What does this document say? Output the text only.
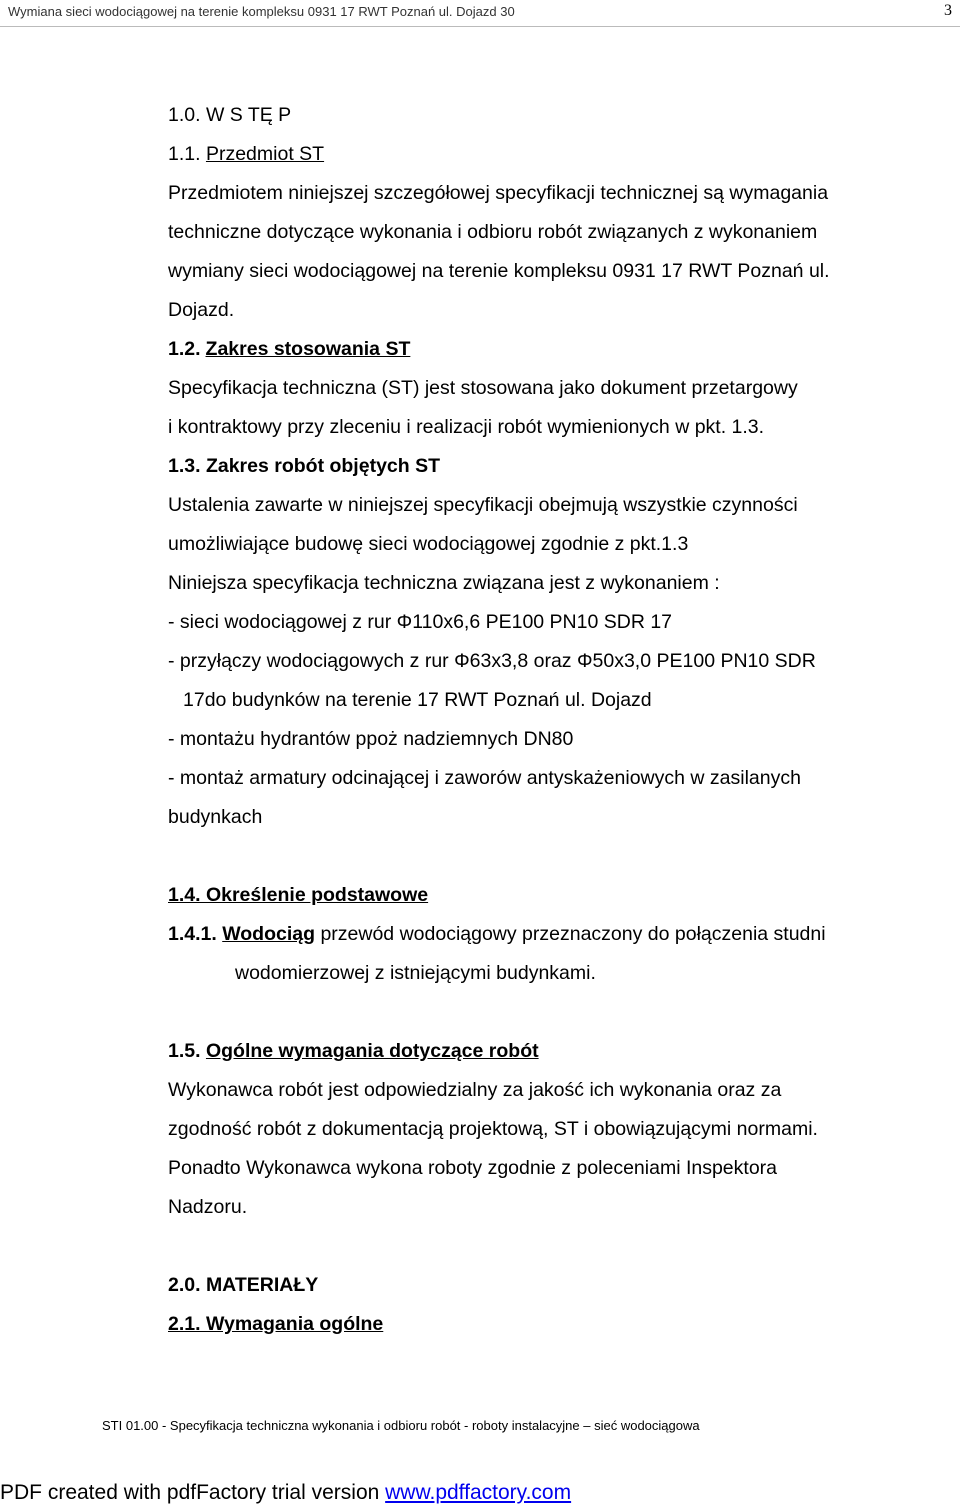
Wymiana sieci wodociągowej na terenie kompleksu 0931 17 RWT Poznań ul. Dojazd 30	3
1.0. W S TĘ P
1.1. Przedmiot ST
Przedmiotem niniejszej szczegółowej specyfikacji technicznej są wymagania
techniczne dotyczące wykonania i odbioru robót związanych z wykonaniem
wymiany sieci wodociągowej na terenie kompleksu 0931 17 RWT Poznań ul.
Dojazd.
1.2. Zakres stosowania ST
Specyfikacja techniczna (ST) jest stosowana jako dokument przetargowy
i kontraktowy przy zleceniu i realizacji robót wymienionych w pkt. 1.3.
1.3. Zakres robót objętych ST
Ustalenia zawarte w niniejszej specyfikacji obejmują wszystkie czynności
umożliwiające budowę sieci wodociągowej zgodnie z pkt.1.3
Niniejsza specyfikacja techniczna związana jest z wykonaniem :
- sieci wodociągowej z rur Φ110x6,6 PE100 PN10 SDR 17
- przyłączy wodociągowych z rur Φ63x3,8 oraz Φ50x3,0 PE100 PN10 SDR
17do budynków na terenie 17 RWT Poznań ul. Dojazd
- montażu hydrantów ppoż nadziemnych DN80
- montaż armatury odcinającej i zaworów antyskażeniowych w zasilanych
budynkach
1.4. Określenie podstawowe
1.4.1. Wodociąg przewód wodociągowy przeznaczony do połączenia studni
wodomierzowej z istniejącymi budynkami.
1.5. Ogólne wymagania dotyczące robót
Wykonawca robót jest odpowiedzialny za jakość ich wykonania oraz za
zgodność robót z dokumentacją projektową, ST i obowiązującymi normami.
Ponadto Wykonawca wykona roboty zgodnie z poleceniami Inspektora
Nadzoru.
2.0. MATERIAŁY
2.1. Wymagania ogólne
STI 01.00 - Specyfikacja techniczna wykonania i odbioru robót - roboty instalacyjne – sieć wodociągowa
PDF created with pdfFactory trial version www.pdffactory.com
